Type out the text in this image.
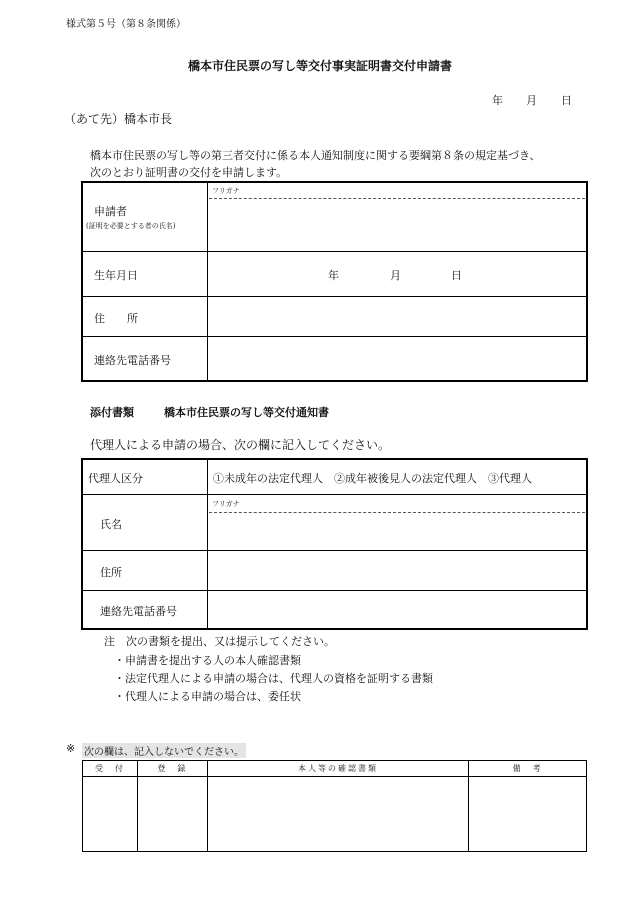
様式第５号（第８条関係）
橋本市住民票の写し等交付事実証明書交付申請書
年 月 日
（あて先）橋本市長
橋本市住民票の写し等の第三者交付に係る本人通知制度に関する要綱第８条の規定基づき、
次のとおり証明書の交付を申請します。
フリガナ
申請者
(証明を必要とする者の氏名)
生年月日	年	月	日
住　　所
連絡先電話番号
添付書類	橋本市住民票の写し等交付通知書
代理人による申請の場合、次の欄に記入してください。
代理人区分	①未成年の法定代理人　②成年被後見人の法定代理人　③代理人
フリガナ
氏名
住所
連絡先電話番号
注　次の書類を提出、又は提示してください。
・申請書を提出する人の本人確認書類
・法定代理人による申請の場合は、代理人の資格を証明する書類
・代理人による申請の場合は、委任状
※ 次の欄は、記入しないでください。
受　付	登　録	本人等の確認書類	備　考
